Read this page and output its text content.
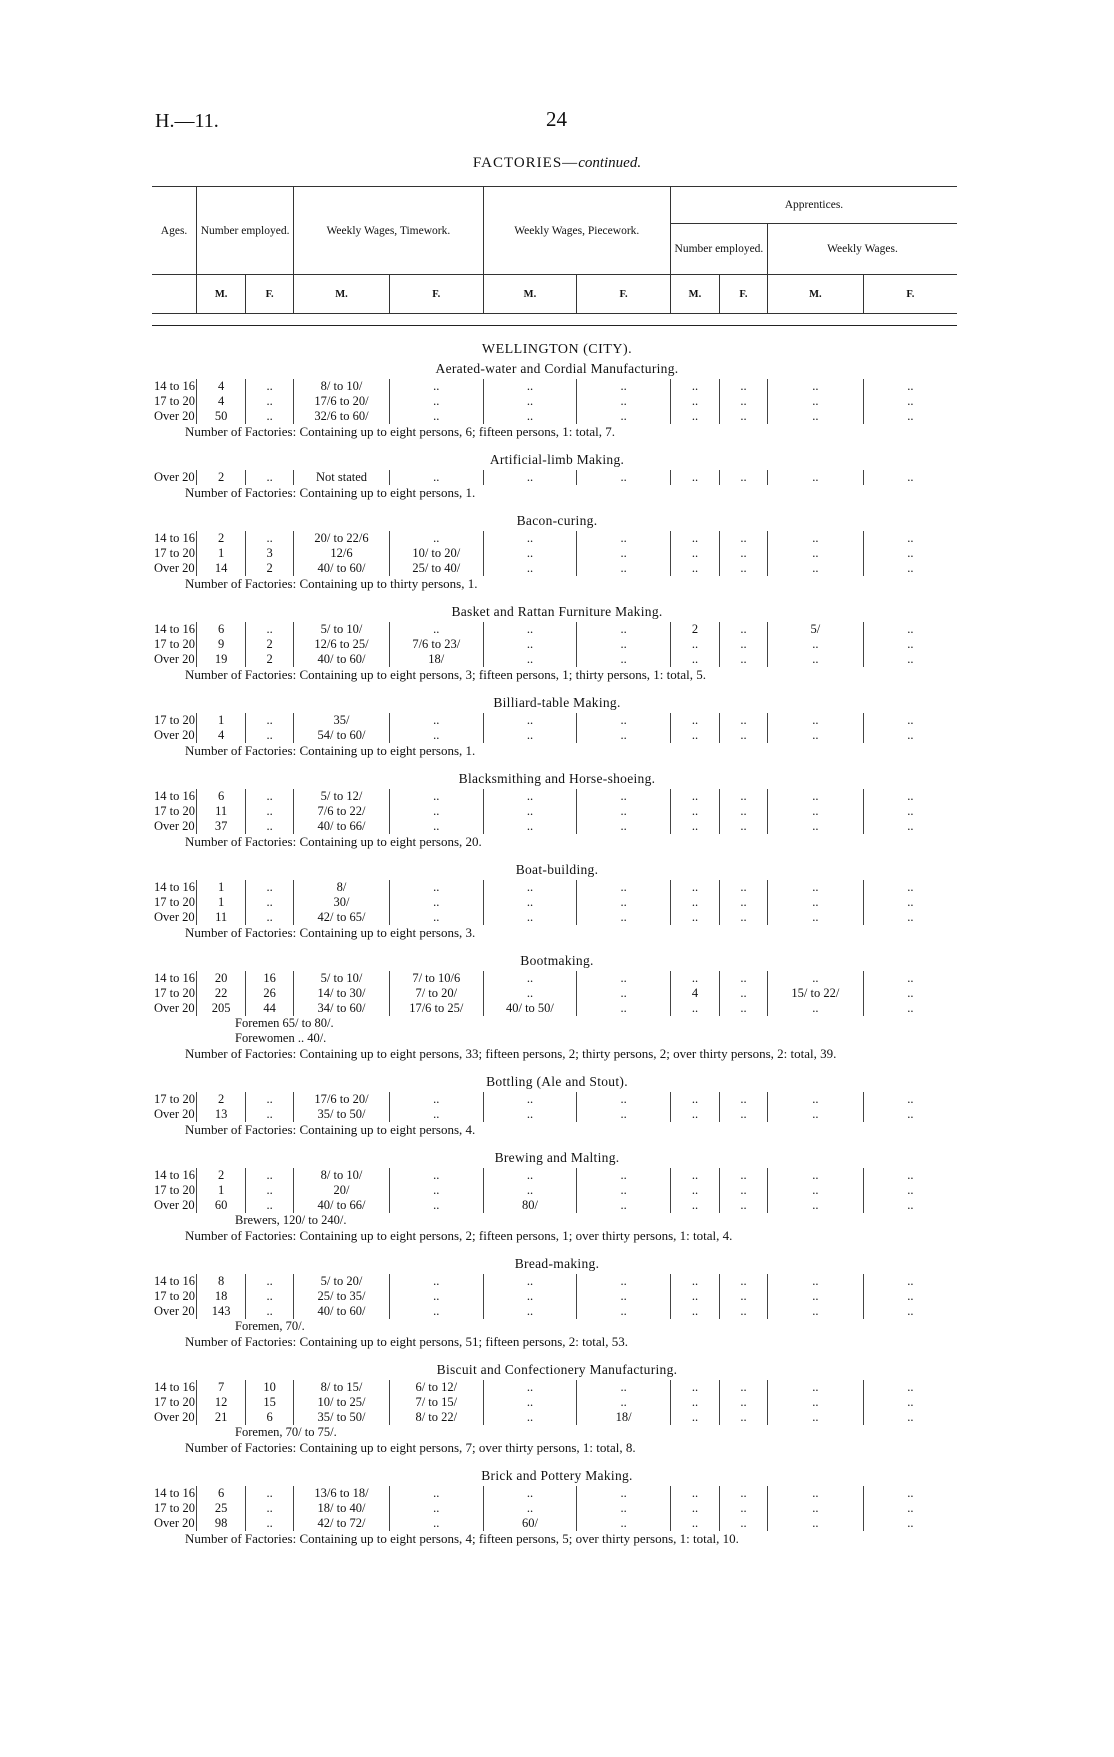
H.—11.	24
FACTORIES—continued.
Ages.	Number employed.		Weekly Wages, Timework.		Weekly Wages, Piecework.		Apprentices.			
							Number employed.		Weekly Wages.	
	M.	F.	M.	F.	M.	F.	M.	F.	M.	F.
WELLINGTON (CITY).
Aerated-water and Cordial Manufacturing.
14 to 16	4	..	8/ to 10/	..	..	..	..	..	..	..
17 to 20	4	..	17/6 to 20/	..	..	..	..	..	..	..
Over 20	50	..	32/6 to 60/	..	..	..	..	..	..	..
Number of Factories: Containing up to eight persons, 6; fifteen persons, 1: total, 7.
Artificial-limb Making.
Over 20	2	..	Not stated	..	..	..	..	..	..	..
Number of Factories: Containing up to eight persons, 1.
Bacon-curing.
14 to 16	2	..	20/ to 22/6	..	..	..	..	..	..	..
17 to 20	1	3	12/6	10/ to 20/	..	..	..	..	..	..
Over 20	14	2	40/ to 60/	25/ to 40/	..	..	..	..	..	..
Number of Factories: Containing up to thirty persons, 1.
Basket and Rattan Furniture Making.
14 to 16	6	..	5/ to 10/	..	..	..	2	..	5/	..
17 to 20	9	2	12/6 to 25/	7/6 to 23/	..	..	..	..	..	..
Over 20	19	2	40/ to 60/	18/	..	..	..	..	..	..
Number of Factories: Containing up to eight persons, 3; fifteen persons, 1; thirty persons, 1: total, 5.
Billiard-table Making.
17 to 20	1	..	35/	..	..	..	..	..	..	..
Over 20	4	..	54/ to 60/	..	..	..	..	..	..	..
Number of Factories: Containing up to eight persons, 1.
Blacksmithing and Horse-shoeing.
14 to 16	6	..	5/ to 12/	..	..	..	..	..	..	..
17 to 20	11	..	7/6 to 22/	..	..	..	..	..	..	..
Over 20	37	..	40/ to 66/	..	..	..	..	..	..	..
Number of Factories: Containing up to eight persons, 20.
Boat-building.
14 to 16	1	..	8/	..	..	..	..	..	..	..
17 to 20	1	..	30/	..	..	..	..	..	..	..
Over 20	11	..	42/ to 65/	..	..	..	..	..	..	..
Number of Factories: Containing up to eight persons, 3.
Bootmaking.
14 to 16	20	16	5/ to 10/	7/ to 10/6	..	..	..	..	..	..
17 to 20	22	26	14/ to 30/	7/ to 20/	..	..	4	..	15/ to 22/	..
Over 20	205	44	34/ to 60/	17/6 to 25/	40/ to 50/	..	..	..	..	..
Foremen 65/ to 80/.
Forewomen .. 40/.
Number of Factories: Containing up to eight persons, 33; fifteen persons, 2; thirty persons, 2; over thirty persons, 2: total, 39.
Bottling (Ale and Stout).
17 to 20	2	..	17/6 to 20/	..	..	..	..	..	..	..
Over 20	13	..	35/ to 50/	..	..	..	..	..	..	..
Number of Factories: Containing up to eight persons, 4.
Brewing and Malting.
14 to 16	2	..	8/ to 10/	..	..	..	..	..	..	..
17 to 20	1	..	20/	..	..	..	..	..	..	..
Over 20	60	..	40/ to 66/	..	80/	..	..	..	..	..
Brewers, 120/ to 240/.
Number of Factories: Containing up to eight persons, 2; fifteen persons, 1; over thirty persons, 1: total, 4.
Bread-making.
14 to 16	8	..	5/ to 20/	..	..	..	..	..	..	..
17 to 20	18	..	25/ to 35/	..	..	..	..	..	..	..
Over 20	143	..	40/ to 60/	..	..	..	..	..	..	..
Foremen, 70/.
Number of Factories: Containing up to eight persons, 51; fifteen persons, 2: total, 53.
Biscuit and Confectionery Manufacturing.
14 to 16	7	10	8/ to 15/	6/ to 12/	..	..	..	..	..	..
17 to 20	12	15	10/ to 25/	7/ to 15/	..	..	..	..	..	..
Over 20	21	6	35/ to 50/	8/ to 22/	..	18/	..	..	..	..
Foremen, 70/ to 75/.
Number of Factories: Containing up to eight persons, 7; over thirty persons, 1: total, 8.
Brick and Pottery Making.
14 to 16	6	..	13/6 to 18/	..	..	..	..	..	..	..
17 to 20	25	..	18/ to 40/	..	..	..	..	..	..	..
Over 20	98	..	42/ to 72/	..	60/	..	..	..	..	..
Number of Factories: Containing up to eight persons, 4; fifteen persons, 5; over thirty persons, 1: total, 10.
